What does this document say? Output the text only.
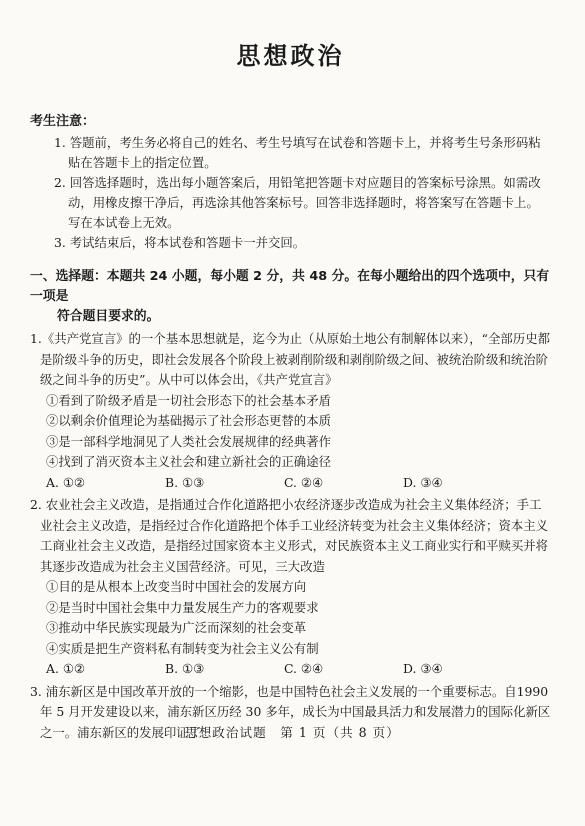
思想政治
考生注意：
1. 答题前，考生务必将自己的姓名、考生号填写在试卷和答题卡上，并将考生号条形码粘贴在答题卡上的指定位置。
2. 回答选择题时，选出每小题答案后，用铅笔把答题卡对应题目的答案标号涂黑。如需改动，用橡皮擦干净后，再选涂其他答案标号。回答非选择题时，将答案写在答题卡上。写在本试卷上无效。
3. 考试结束后，将本试卷和答题卡一并交回。
一、选择题：本题共 24 小题，每小题 2 分，共 48 分。在每小题给出的四个选项中，只有一项是
符合题目要求的。
1.《共产党宣言》的一个基本思想就是，迄今为止（从原始土地公有制解体以来），“全部历史都是阶级斗争的历史，即社会发展各个阶段上被剥削阶级和剥削阶级之间、被统治阶级和统治阶级之间斗争的历史”。从中可以体会出，《共产党宣言》
①看到了阶级矛盾是一切社会形态下的社会基本矛盾
②以剩余价值理论为基础揭示了社会形态更替的本质
③是一部科学地洞见了人类社会发展规律的经典著作
④找到了消灭资本主义社会和建立新社会的正确途径
A. ①②	B. ①③	C. ②④	D. ③④
2. 农业社会主义改造，是指通过合作化道路把小农经济逐步改造成为社会主义集体经济；手工业社会主义改造，是指经过合作化道路把个体手工业经济转变为社会主义集体经济；资本主义工商业社会主义改造，是指经过国家资本主义形式，对民族资本主义工商业实行和平赎买并将其逐步改造成为社会主义国营经济。可见，三大改造
①目的是从根本上改变当时中国社会的发展方向
②是当时中国社会集中力量发展生产力的客观要求
③推动中华民族实现最为广泛而深刻的社会变革
④实质是把生产资料私有制转变为社会主义公有制
A. ①②	B. ①③	C. ②④	D. ③④
3. 浦东新区是中国改革开放的一个缩影，也是中国特色社会主义发展的一个重要标志。自1990 年 5 月开发建设以来，浦东新区历经 30 多年，成长为中国最具活力和发展潜力的国际化新区之一。浦东新区的发展印证了
思想政治试题　第 1 页（共 8 页）
